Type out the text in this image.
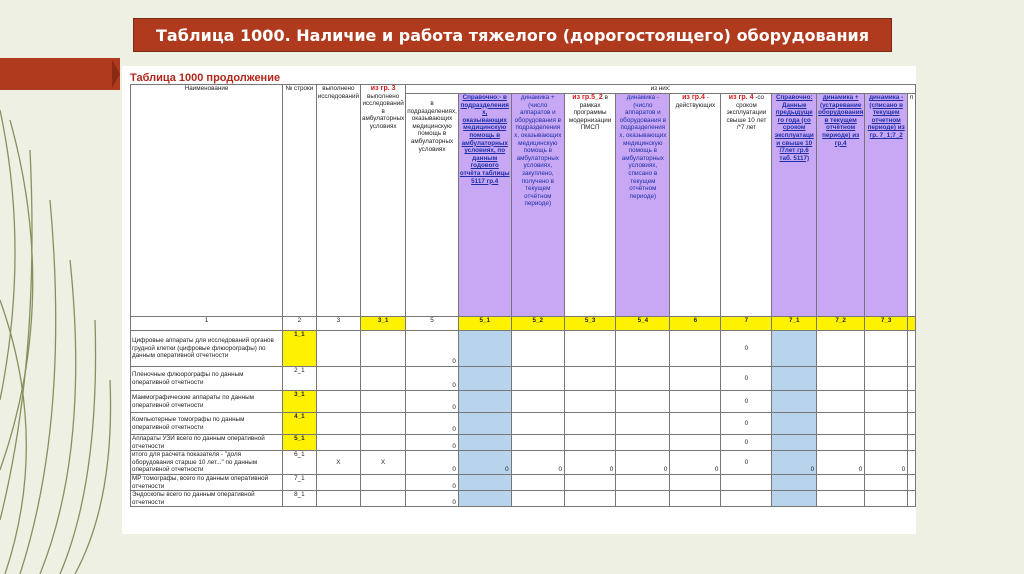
Таблица 1000. Наличие и работа тяжелого (дорогостоящего) оборудования
Таблица 1000 продолжение
Наименование	№ строки	выполнено исследований	из гр. 3
выполнено исследований в амбулаторных условиях	из них:										
				в подразделениях, оказывающих медицинскую помощь в амбулаторных условиях	Справочно:- в подразделения х, оказывающих медицинскую помощь в амбулаторных условиях, по данным годового отчёта таблицы 5117 гр.4	динамика + (число аппаратов и оборудования в подразделения х, оказывающих медицинскую помощь в амбулаторных условиях, закуплено, получено в текущем отчётном периоде)	из гр.5_2 в рамках программы модернизации ПМСП	динамика - (число аппаратов и оборудования в подразделения х, оказывающих медицинскую помощь в амбулаторных условиях, списано в текущем отчётном периоде)	из гр.4 - действующих	из гр. 4 -со сроком эксплуатации свыше 10 лет /*7 лет	Справочно: Данные предыдуще го года (со сроком эксплуатаци и свыше 10 /7лет гр.6 таб. 5117)	динамика + (устаревание оборудования в текущем отчётном периоде) из гр.4	динамика - (списано в текущем отчетном периоде) из гр. 7_1;7_2	п
1	2	3	3_1	5	5_1	5_2	5_3	5_4	6	7	7_1	7_2	7_3	
Цифровые аппараты для исследований органов грудной клетки (цифровые флюорографы) по данным оперативной отчетности	1_1			0						0				
Пленочные флюорографы по данным оперативной отчетности	2_1			0						0				
Маммографические аппараты по данным оперативной отчетности	3_1			0						0				
Компьютерные томографы по данным оперативной отчетности	4_1			0						0				
Аппараты УЗИ всего по данным оперативной отчетности	5_1			0						0				
итого для расчета показателя - "доля оборудования старше 10 лет..." по данным оперативной отчетности	6_1	X	X	0	0	0	0	0	0	0	0	0	0	
МР томографы, всего по данным оперативной отчетности	7_1			0										
Эндоскопы всего по данным оперативной отчетности	8_1			0										
